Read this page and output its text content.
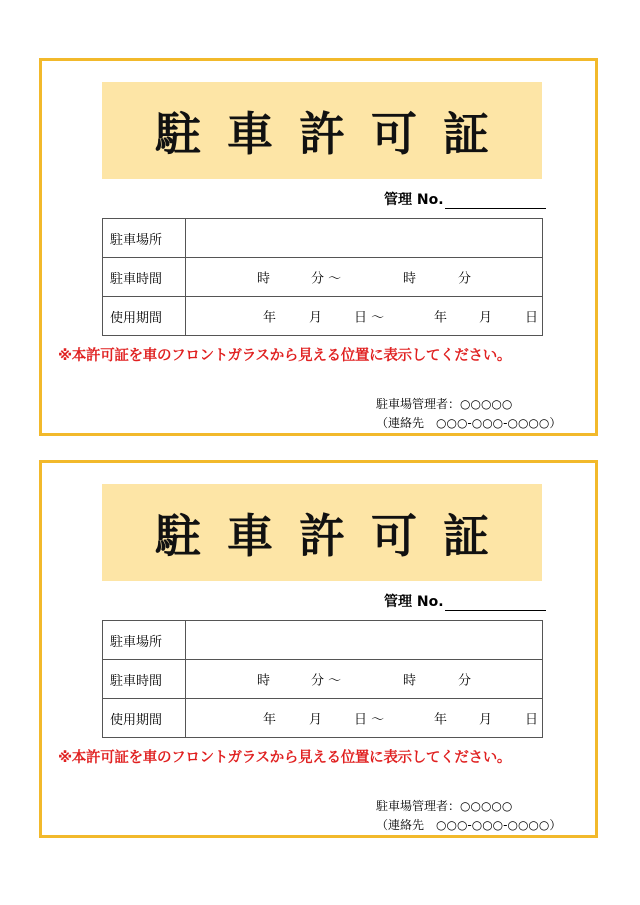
駐車許可証
管理 No.
駐車場所
駐車時間	時	分 ～	時	分
使用期間	年	月 日 ～	年 月	日
※本許可証を車のフロントガラスから見える位置に表示してください。
駐車場管理者：○○○○○
（連絡先　○○○-○○○-○○○○）
駐車許可証
管理 No.
駐車場所
駐車時間	時	分 ～	時	分
使用期間	年	月 日 ～	年 月	日
※本許可証を車のフロントガラスから見える位置に表示してください。
駐車場管理者：○○○○○
（連絡先　○○○-○○○-○○○○）
